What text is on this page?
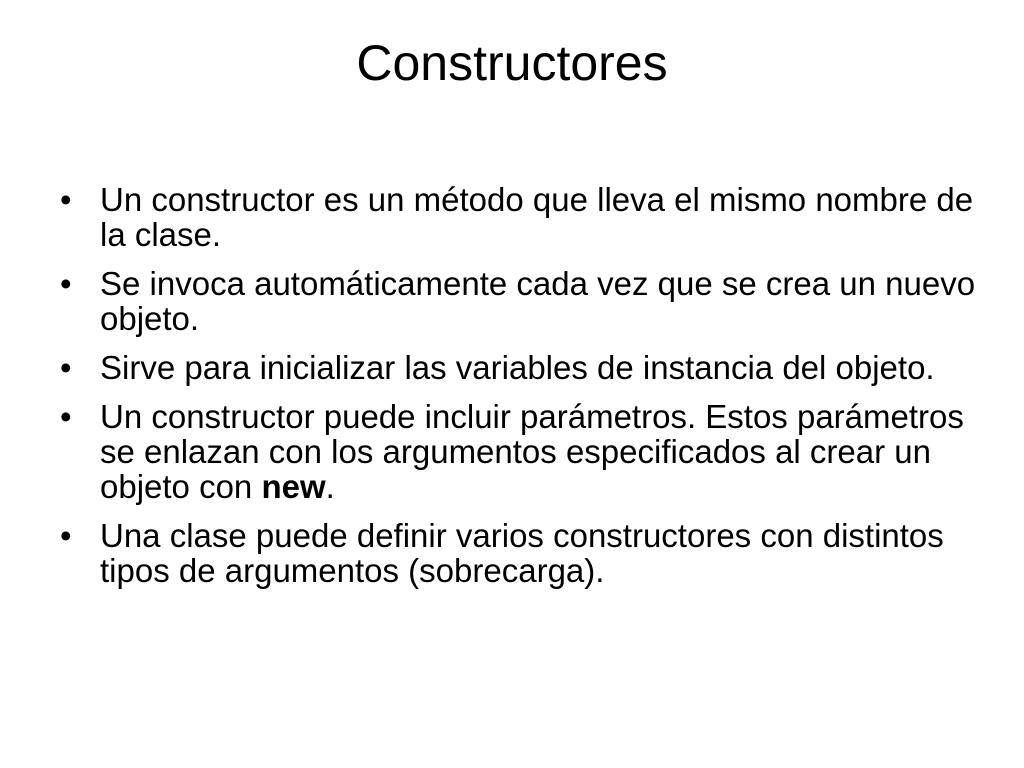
Constructores
• Un constructor es un método que lleva el mismo nombre de la clase.
• Se invoca automáticamente cada vez que se crea un nuevo objeto.
• Sirve para inicializar las variables de instancia del objeto.
• Un constructor puede incluir parámetros. Estos parámetros se enlazan con los argumentos especificados al crear un objeto con new.
• Una clase puede definir varios constructores con distintos tipos de argumentos (sobrecarga).
